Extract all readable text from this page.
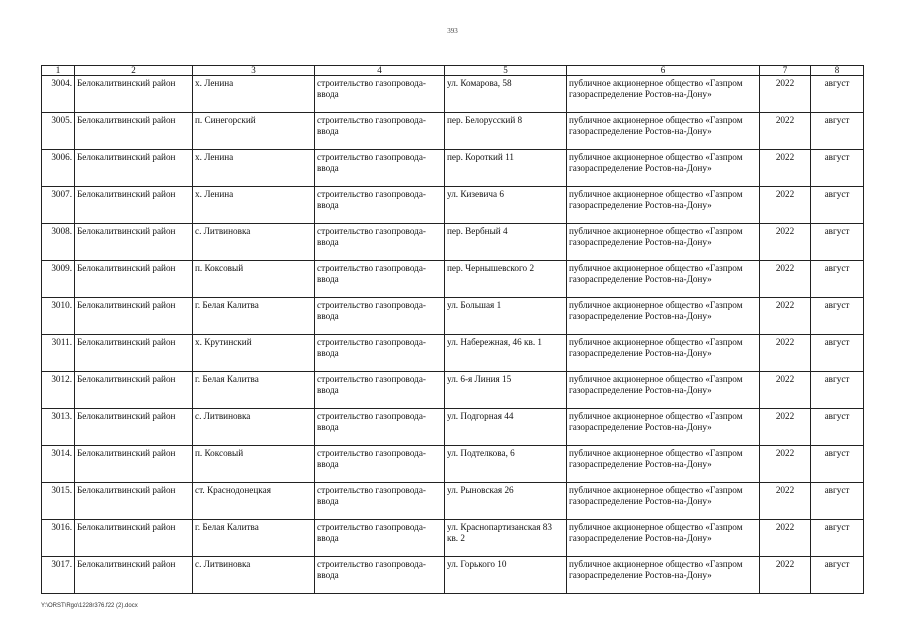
393
1	2	3	4	5	6	7	8
3004.	Белокалитвинский район	х. Ленина	строительство газопровода-ввода	ул. Комарова, 58	публичное акционерное общество «Газпром газораспределение Ростов-на-Дону»	2022	август
3005.	Белокалитвинский район	п. Синегорский	строительство газопровода-ввода	пер. Белорусский 8	публичное акционерное общество «Газпром газораспределение Ростов-на-Дону»	2022	август
3006.	Белокалитвинский район	х. Ленина	строительство газопровода-ввода	пер. Короткий 11	публичное акционерное общество «Газпром газораспределение Ростов-на-Дону»	2022	август
3007.	Белокалитвинский район	х. Ленина	строительство газопровода-ввода	ул. Кизевича 6	публичное акционерное общество «Газпром газораспределение Ростов-на-Дону»	2022	август
3008.	Белокалитвинский район	с. Литвиновка	строительство газопровода-ввода	пер. Вербный 4	публичное акционерное общество «Газпром газораспределение Ростов-на-Дону»	2022	август
3009.	Белокалитвинский район	п. Коксовый	строительство газопровода-ввода	пер. Чернышевского 2	публичное акционерное общество «Газпром газораспределение Ростов-на-Дону»	2022	август
3010.	Белокалитвинский район	г. Белая Калитва	строительство газопровода-ввода	ул. Большая 1	публичное акционерное общество «Газпром газораспределение Ростов-на-Дону»	2022	август
3011.	Белокалитвинский район	х. Крутинский	строительство газопровода-ввода	ул. Набережная, 46 кв. 1	публичное акционерное общество «Газпром газораспределение Ростов-на-Дону»	2022	август
3012.	Белокалитвинский район	г. Белая Калитва	строительство газопровода-ввода	ул. 6-я Линия 15	публичное акционерное общество «Газпром газораспределение Ростов-на-Дону»	2022	август
3013.	Белокалитвинский район	с. Литвиновка	строительство газопровода-ввода	ул. Подгорная 44	публичное акционерное общество «Газпром газораспределение Ростов-на-Дону»	2022	август
3014.	Белокалитвинский район	п. Коксовый	строительство газопровода-ввода	ул. Подтелкова, 6	публичное акционерное общество «Газпром газораспределение Ростов-на-Дону»	2022	август
3015.	Белокалитвинский район	ст. Краснодонецкая	строительство газопровода-ввода	ул. Рыновская 26	публичное акционерное общество «Газпром газораспределение Ростов-на-Дону»	2022	август
3016.	Белокалитвинский район	г. Белая Калитва	строительство газопровода-ввода	ул. Краснопартизанская 83 кв. 2	публичное акционерное общество «Газпром газораспределение Ростов-на-Дону»	2022	август
3017.	Белокалитвинский район	с. Литвиновка	строительство газопровода-ввода	ул. Горького 10	публичное акционерное общество «Газпром газораспределение Ростов-на-Дону»	2022	август
Y:\ORST\Rgo\1228r376.f22 (2).docx
